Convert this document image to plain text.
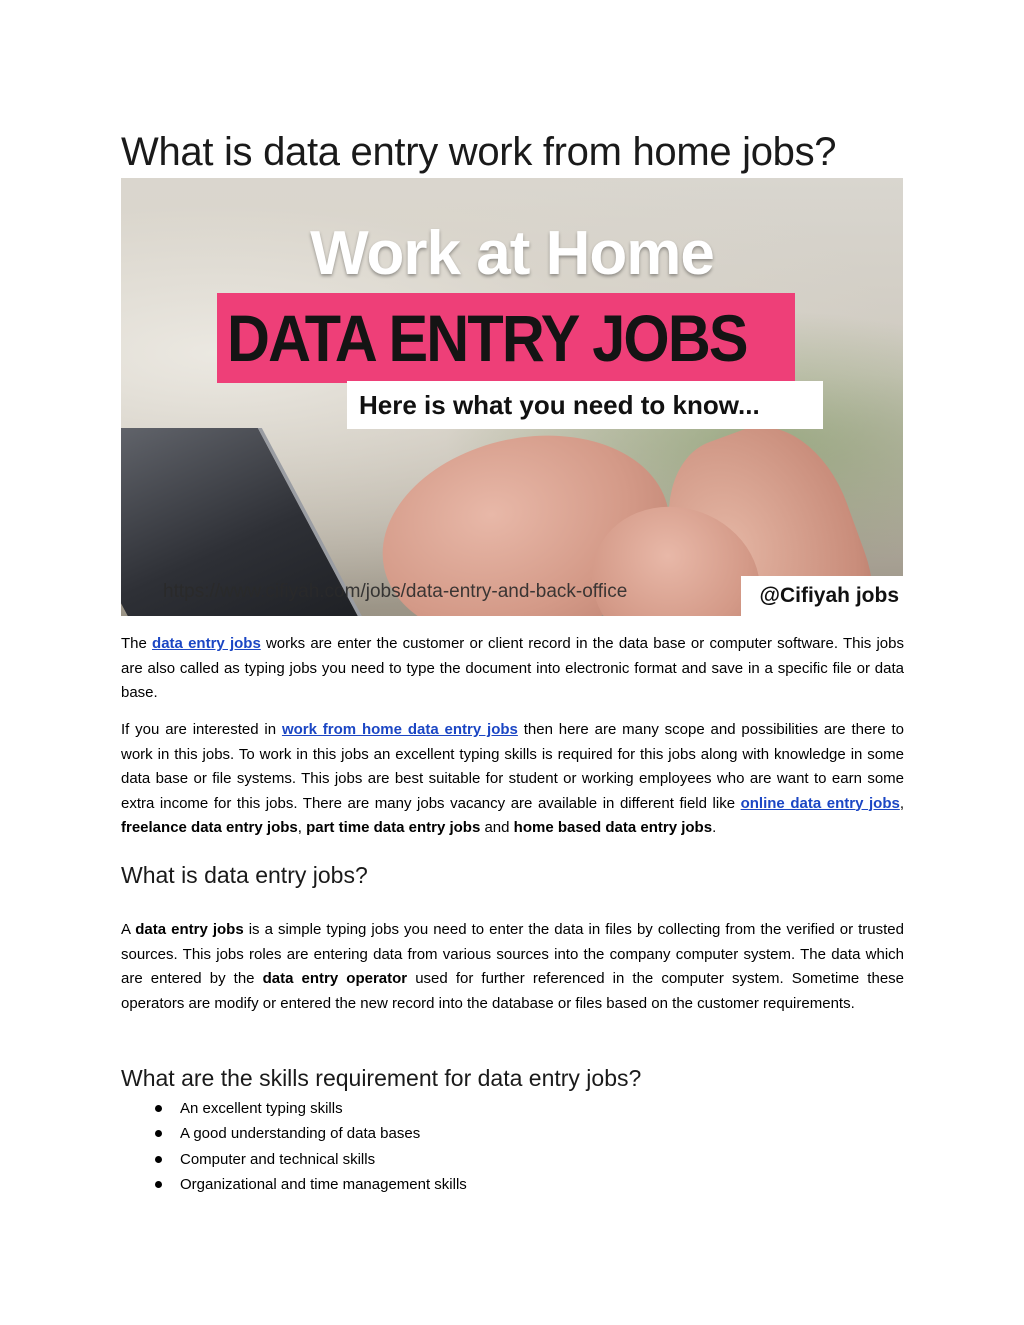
What is data entry work from home jobs?
Work at Home
DATA ENTRY JOBS
Here is what you need to know...
https://www.cifiyah.com/jobs/data-entry-and-back-office	@Cifiyah jobs

The data entry jobs works are enter the customer or client record in the data base or computer software. This jobs are also called as typing jobs you need to type the document into electronic format and save in a specific file or data base.

If you are interested in work from home data entry jobs then here are many scope and possibilities are there to work in this jobs. To work in this jobs an excellent typing skills is required for this jobs along with knowledge in some data base or file systems. This jobs are best suitable for student or working employees who are want to earn some extra income for this jobs. There are many jobs vacancy are available in different field like online data entry jobs, freelance data entry jobs, part time data entry jobs and home based data entry jobs.

What is data entry jobs?

A data entry jobs is a simple typing jobs you need to enter the data in files by collecting from the verified or trusted sources. This jobs roles are entering data from various sources into the company computer system. The data which are entered by the data entry operator used for further referenced in the computer system. Sometime these operators are modify or entered the new record into the database or files based on the customer requirements.

What are the skills requirement for data entry jobs?
An excellent typing skills
A good understanding of data bases
Computer and technical skills
Organizational and time management skills
